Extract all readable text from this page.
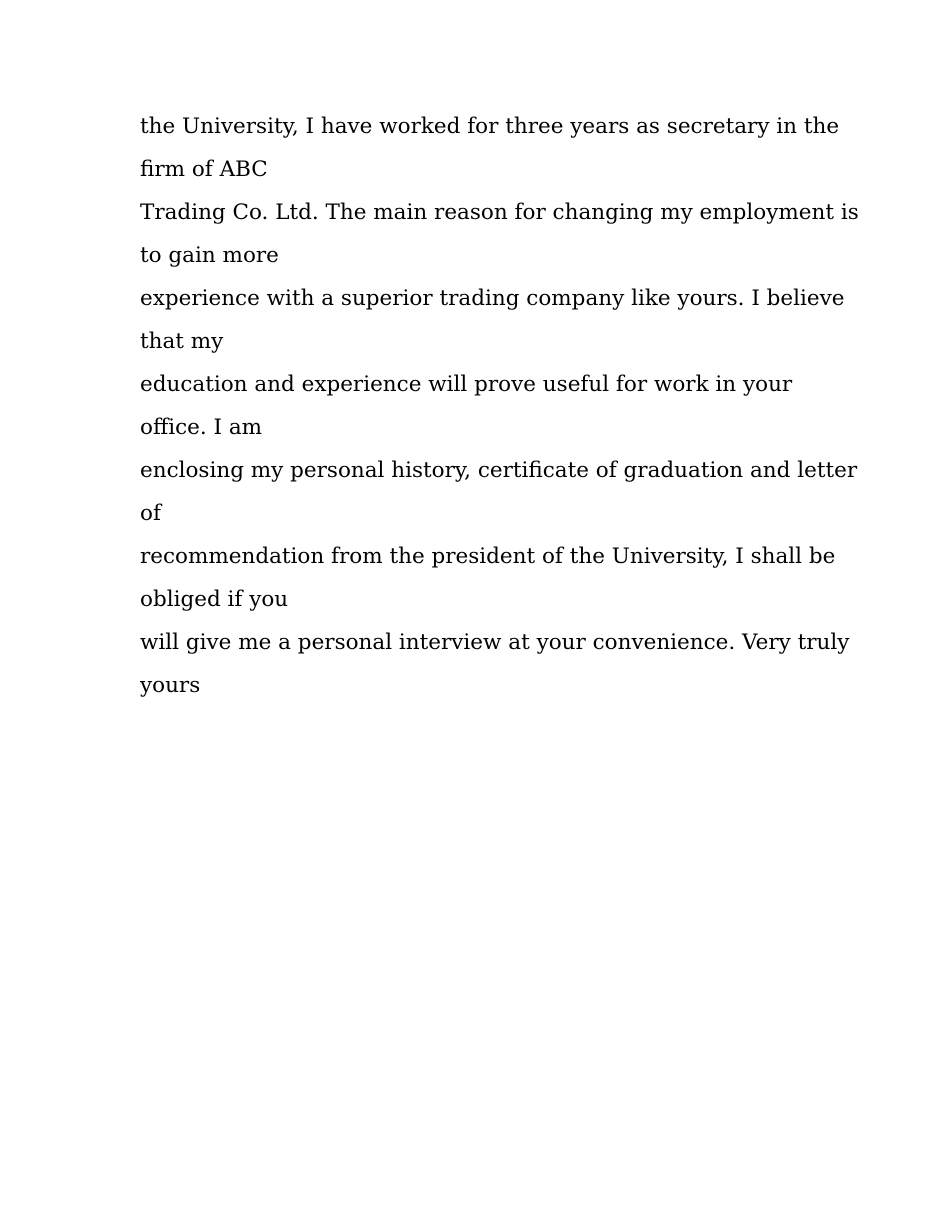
the University, I have worked for three years as secretary in the

firm of ABC

Trading Co. Ltd. The main reason for changing my employment is

to gain more

experience with a superior trading company like yours. I believe

that my

education and experience will prove useful for work in your

office. I am

enclosing my personal history, certificate of graduation and letter

of

recommendation from the president of the University, I shall be

obliged if you

will give me a personal interview at your convenience. Very truly

yours
